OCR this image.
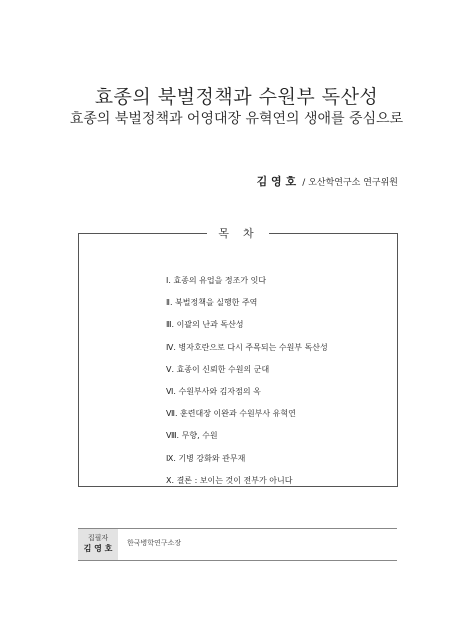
효종의 북벌정책과 수원부 독산성
효종의 북벌정책과 어영대장 유혁연의 생애를 중심으로
김 영 호 / 오산학연구소 연구위원
목차
Ⅰ. 효종의 유업을 정조가 잇다
Ⅱ. 북벌정책을 실행한 주역
Ⅲ. 이괄의 난과 독산성
Ⅳ. 병자호란으로 다시 주목되는 수원부 독산성
Ⅴ. 효종이 신뢰한 수원의 군대
Ⅵ. 수원부사와 김자점의 옥
Ⅶ. 훈련대장 이완과 수원부사 유혁연
Ⅷ. 무향, 수원
Ⅸ. 기병 강화와 관무재
Ⅹ. 결론 : 보이는 것이 전부가 아니다
집필자
김 영 호
한국병학연구소장
